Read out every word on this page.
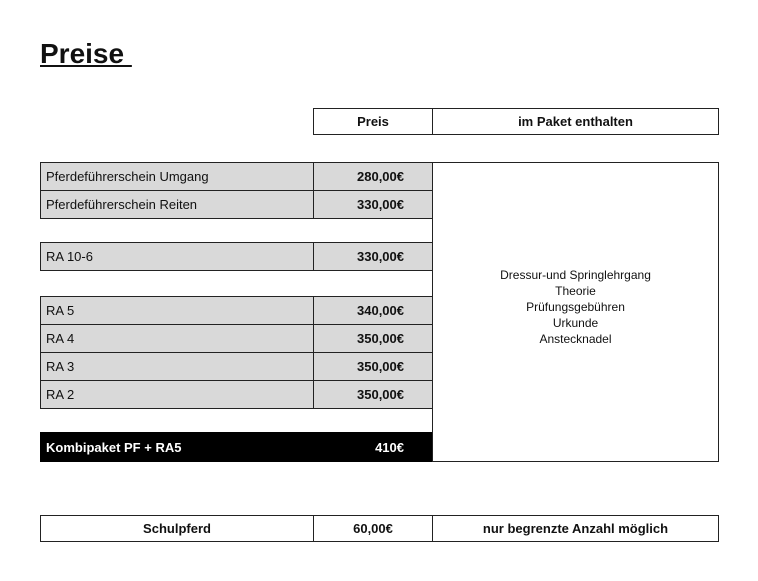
Preise
Preis	im Paket enthalten
Pferdeführerschein Umgang	280,00€
Pferdeführerschein Reiten	330,00€
RA 10-6	330,00€
RA 5	340,00€
RA 4	350,00€
RA 3	350,00€
RA 2	350,00€
Kombipaket PF + RA5	410€
Dressur-und Springlehrgang
Theorie
Prüfungsgebühren
Urkunde
Anstecknadel
Schulpferd	60,00€	nur begrenzte Anzahl möglich
